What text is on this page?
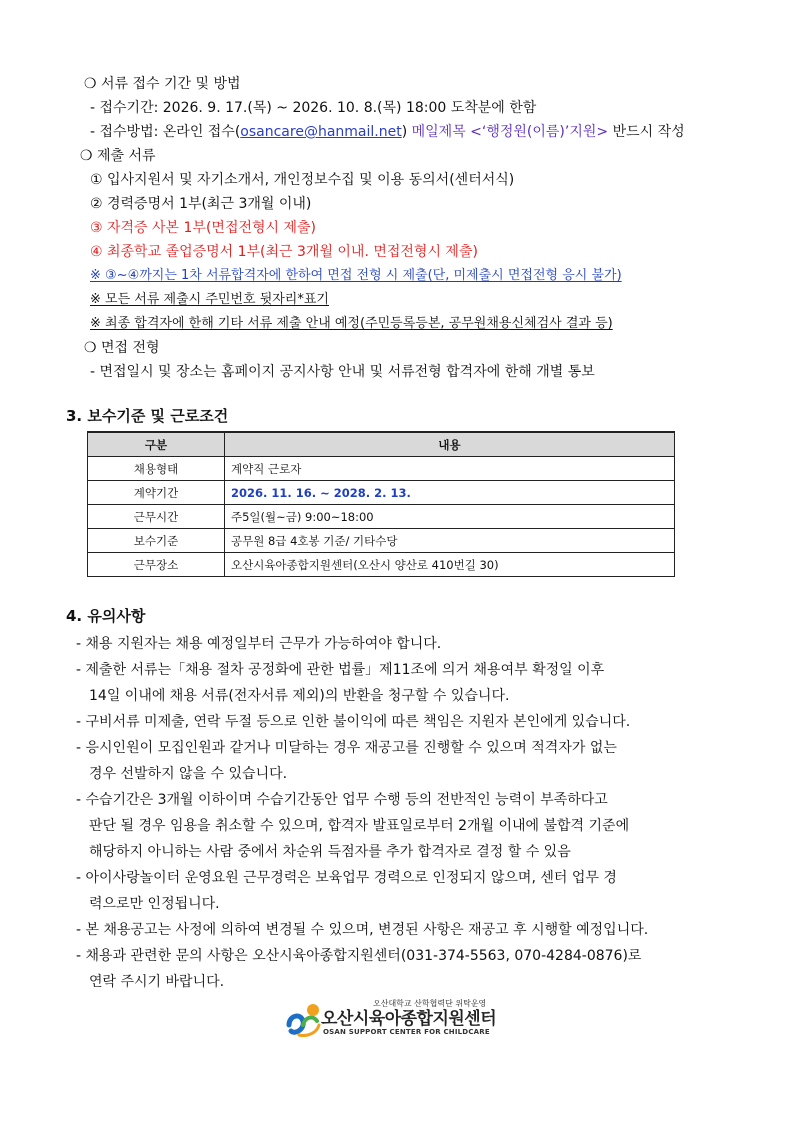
❍ 서류 접수 기간 및 방법
- 접수기간: 2026. 9. 17.(목) ~ 2026. 10. 8.(목) 18:00 도착분에 한함
- 접수방법: 온라인 접수(osancare@hanmail.net) 메일제목 <‘행정원(이름)’지원> 반드시 작성
❍ 제출 서류
① 입사지원서 및 자기소개서, 개인정보수집 및 이용 동의서(센터서식)
② 경력증명서 1부(최근 3개월 이내)
③ 자격증 사본 1부(면접전형시 제출)
④ 최종학교 졸업증명서 1부(최근 3개월 이내. 면접전형시 제출)
※ ③~④까지는 1차 서류합격자에 한하여 면접 전형 시 제출(단, 미제출시 면접전형 응시 불가)
※ 모든 서류 제출시 주민번호 뒷자리*표기
※ 최종 합격자에 한해 기타 서류 제출 안내 예정(주민등록등본, 공무원채용신체검사 결과 등)
❍ 면접 전형
- 면접일시 및 장소는 홈페이지 공지사항 안내 및 서류전형 합격자에 한해 개별 통보
3. 보수기준 및 근로조건
구분	내용
채용형태	계약직 근로자
계약기간	2026. 11. 16. ~ 2028. 2. 13.
근무시간	주5일(월~금) 9:00~18:00
보수기준	공무원 8급 4호봉 기준/ 기타수당
근무장소	오산시육아종합지원센터(오산시 양산로 410번길 30)
4. 유의사항
- 채용 지원자는 채용 예정일부터 근무가 가능하여야 합니다.
- 제출한 서류는「채용 절차 공정화에 관한 법률」제11조에 의거 채용여부 확정일 이후
14일 이내에 채용 서류(전자서류 제외)의 반환을 청구할 수 있습니다.
- 구비서류 미제출, 연락 두절 등으로 인한 불이익에 따른 책임은 지원자 본인에게 있습니다.
- 응시인원이 모집인원과 같거나 미달하는 경우 재공고를 진행할 수 있으며 적격자가 없는
경우 선발하지 않을 수 있습니다.
- 수습기간은 3개월 이하이며 수습기간동안 업무 수행 등의 전반적인 능력이 부족하다고
판단 될 경우 임용을 취소할 수 있으며, 합격자 발표일로부터 2개월 이내에 불합격 기준에
해당하지 아니하는 사람 중에서 차순위 득점자를 추가 합격자로 결정 할 수 있음
- 아이사랑놀이터 운영요원 근무경력은 보육업무 경력으로 인정되지 않으며, 센터 업무 경
력으로만 인정됩니다.
- 본 채용공고는 사정에 의하여 변경될 수 있으며, 변경된 사항은 재공고 후 시행할 예정입니다.
- 채용과 관련한 문의 사항은 오산시육아종합지원센터(031-374-5563, 070-4284-0876)로
연락 주시기 바랍니다.
오산대학교 산학협력단 위탁운영
오산시육아종합지원센터
OSAN SUPPORT CENTER FOR CHILDCARE
